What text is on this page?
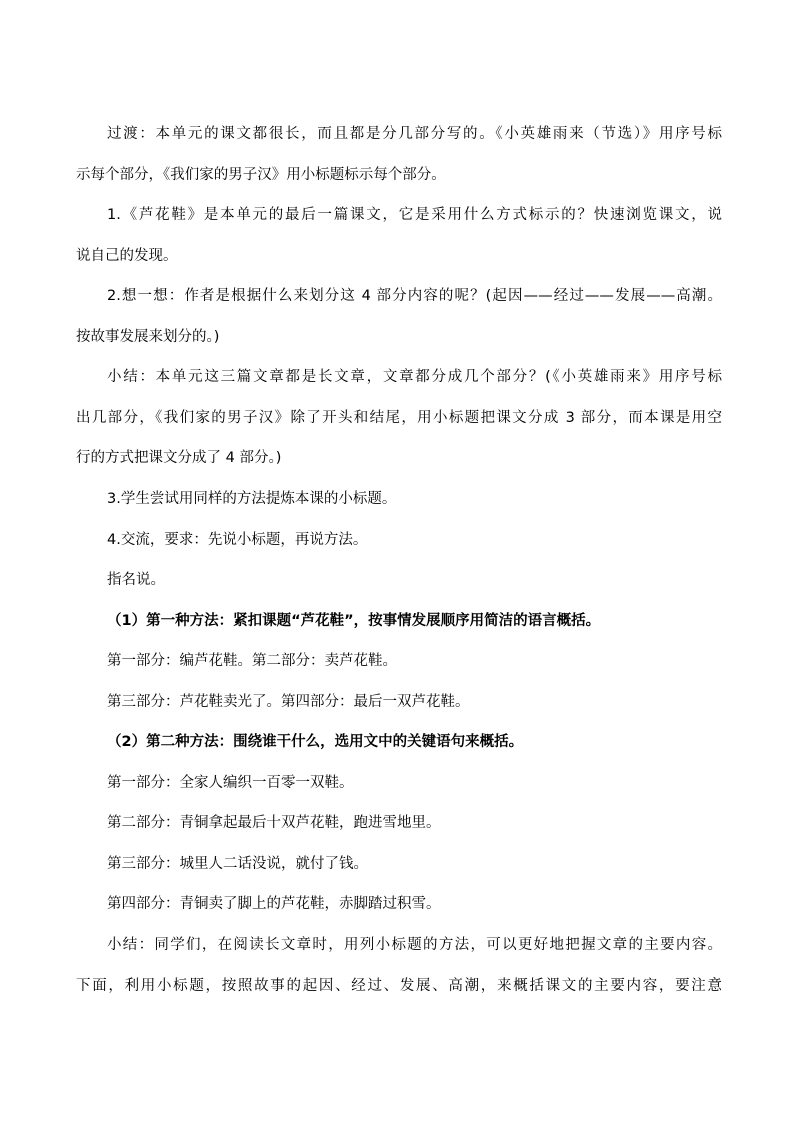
过渡：本单元的课文都很长，而且都是分几部分写的。《小英雄雨来（节选）》用序号标
示每个部分，《我们家的男子汉》用小标题标示每个部分。
1.《芦花鞋》是本单元的最后一篇课文，它是采用什么方式标示的？快速浏览课文，说
说自己的发现。
2.想一想：作者是根据什么来划分这 4 部分内容的呢？(起因——经过——发展——高潮。
按故事发展来划分的。)
小结：本单元这三篇文章都是长文章，文章都分成几个部分？(《小英雄雨来》用序号标
出几部分，《我们家的男子汉》除了开头和结尾，用小标题把课文分成 3 部分，而本课是用空
行的方式把课文分成了 4 部分。)
3.学生尝试用同样的方法提炼本课的小标题。
4.交流，要求：先说小标题，再说方法。
指名说。
（1）第一种方法：紧扣课题“芦花鞋”，按事情发展顺序用简洁的语言概括。
第一部分：编芦花鞋。第二部分：卖芦花鞋。
第三部分：芦花鞋卖光了。第四部分：最后一双芦花鞋。
（2）第二种方法：围绕谁干什么，选用文中的关键语句来概括。
第一部分：全家人编织一百零一双鞋。
第二部分：青铜拿起最后十双芦花鞋，跑进雪地里。
第三部分：城里人二话没说，就付了钱。
第四部分：青铜卖了脚上的芦花鞋，赤脚踏过积雪。
小结：同学们，在阅读长文章时，用列小标题的方法，可以更好地把握文章的主要内容。
下面，利用小标题，按照故事的起因、经过、发展、高潮，来概括课文的主要内容，要注意
